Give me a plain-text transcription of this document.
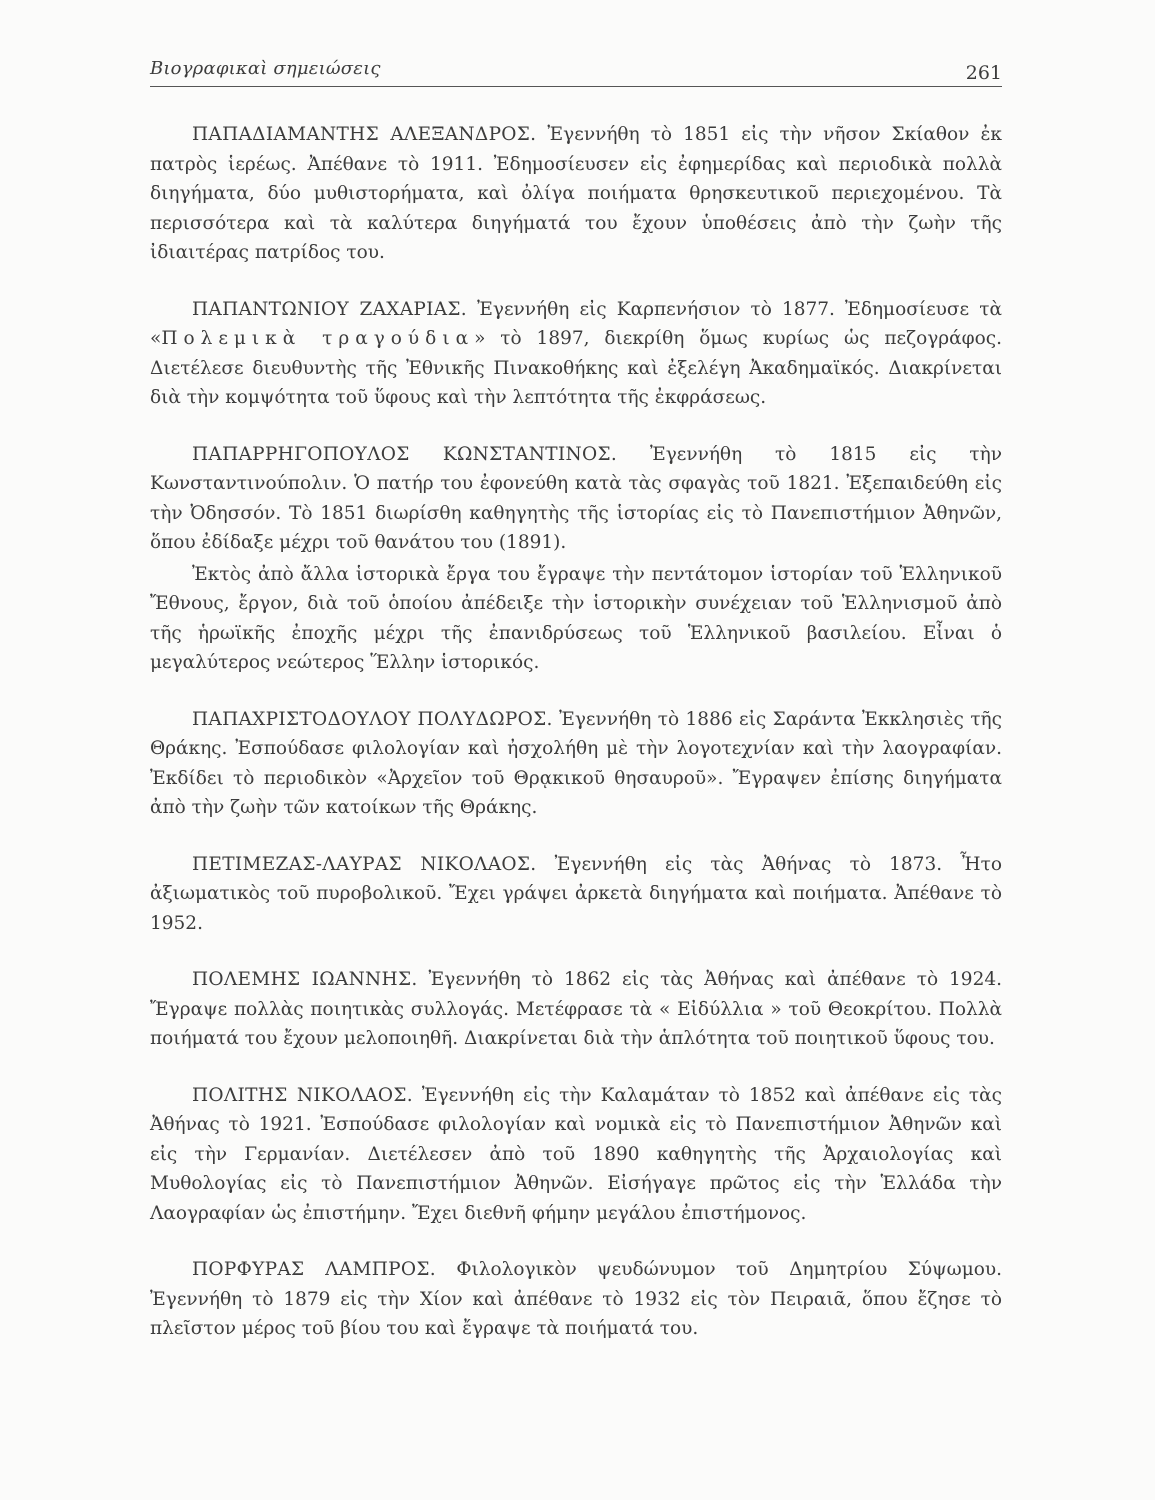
Βιογραφικαὶ σημειώσεις	261

ΠΑΠΑΔΙΑΜΑΝΤΗΣ ΑΛΕΞΑΝΔΡΟΣ. Ἐγεννήθη τὸ 1851 εἰς τὴν νῆσον Σκίαθον ἐκ πατρὸς ἱερέως. Ἀπέθανε τὸ 1911. Ἐδημοσίευσεν εἰς ἐφημερίδας καὶ περιοδικὰ πολλὰ διηγήματα, δύο μυθιστορήματα, καὶ ὀλίγα ποιήματα θρησκευτικοῦ περιεχομένου. Τὰ περισσότερα καὶ τὰ καλύτερα διηγήματά του ἔχουν ὑποθέσεις ἀπὸ τὴν ζωὴν τῆς ἰδιαιτέρας πατρίδος του.

ΠΑΠΑΝΤΩΝΙΟΥ ΖΑΧΑΡΙΑΣ. Ἐγεννήθη εἰς Καρπενήσιον τὸ 1877. Ἐδημοσίευσε τὰ «Πολεμικὰ τραγούδια» τὸ 1897, διεκρίθη ὅμως κυρίως ὡς πεζογράφος. Διετέλεσε διευθυντὴς τῆς Ἐθνικῆς Πινακοθήκης καὶ ἐξελέγη Ἀκαδημαϊκός. Διακρίνεται διὰ τὴν κομψότητα τοῦ ὕφους καὶ τὴν λεπτότητα τῆς ἐκφράσεως.

ΠΑΠΑΡΡΗΓΟΠΟΥΛΟΣ ΚΩΝΣΤΑΝΤΙΝΟΣ. Ἐγεννήθη τὸ 1815 εἰς τὴν Κωνσταντινούπολιν. Ὁ πατήρ του ἐφονεύθη κατὰ τὰς σφαγὰς τοῦ 1821. Ἐξεπαιδεύθη εἰς τὴν Ὀδησσόν. Τὸ 1851 διωρίσθη καθηγητὴς τῆς ἱστορίας εἰς τὸ Πανεπιστήμιον Ἀθηνῶν, ὅπου ἐδίδαξε μέχρι τοῦ θανάτου του (1891).

Ἐκτὸς ἀπὸ ἄλλα ἱστορικὰ ἔργα του ἔγραψε τὴν πεντάτομον ἱστορίαν τοῦ Ἑλληνικοῦ Ἔθνους, ἔργον, διὰ τοῦ ὁποίου ἀπέδειξε τὴν ἱστορικὴν συνέχειαν τοῦ Ἑλληνισμοῦ ἀπὸ τῆς ἡρωϊκῆς ἐποχῆς μέχρι τῆς ἐπανιδρύσεως τοῦ Ἑλληνικοῦ βασιλείου. Εἶναι ὁ μεγαλύτερος νεώτερος Ἕλλην ἱστορικός.

ΠΑΠΑΧΡΙΣΤΟΔΟΥΛΟΥ ΠΟΛΥΔΩΡΟΣ. Ἐγεννήθη τὸ 1886 εἰς Σαράντα Ἐκκλησιὲς τῆς Θράκης. Ἐσπούδασε φιλολογίαν καὶ ἠσχολήθη μὲ τὴν λογοτεχνίαν καὶ τὴν λαογραφίαν. Ἐκδίδει τὸ περιοδικὸν «Ἀρχεῖον τοῦ Θρᾳκικοῦ θησαυροῦ». Ἔγραψεν ἐπίσης διηγήματα ἀπὸ τὴν ζωὴν τῶν κατοίκων τῆς Θράκης.

ΠΕΤΙΜΕΖΑΣ-ΛΑΥΡΑΣ ΝΙΚΟΛΑΟΣ. Ἐγεννήθη εἰς τὰς Ἀθήνας τὸ 1873. Ἦτο ἀξιωματικὸς τοῦ πυροβολικοῦ. Ἔχει γράψει ἀρκετὰ διηγήματα καὶ ποιήματα. Ἀπέθανε τὸ 1952.

ΠΟΛΕΜΗΣ ΙΩΑΝΝΗΣ. Ἐγεννήθη τὸ 1862 εἰς τὰς Ἀθήνας καὶ ἀπέθανε τὸ 1924. Ἔγραψε πολλὰς ποιητικὰς συλλογάς. Μετέφρασε τὰ « Εἰδύλλια » τοῦ Θεοκρίτου. Πολλὰ ποιήματά του ἔχουν μελοποιηθῆ. Διακρίνεται διὰ τὴν ἁπλότητα τοῦ ποιητικοῦ ὕφους του.

ΠΟΛΙΤΗΣ ΝΙΚΟΛΑΟΣ. Ἐγεννήθη εἰς τὴν Καλαμάταν τὸ 1852 καὶ ἀπέθανε εἰς τὰς Ἀθήνας τὸ 1921. Ἐσπούδασε φιλολογίαν καὶ νομικὰ εἰς τὸ Πανεπιστήμιον Ἀθηνῶν καὶ εἰς τὴν Γερμανίαν. Διετέλεσεν ἀπὸ τοῦ 1890 καθηγητὴς τῆς Ἀρχαιολογίας καὶ Μυθολογίας εἰς τὸ Πανεπιστήμιον Ἀθηνῶν. Εἰσήγαγε πρῶτος εἰς τὴν Ἑλλάδα τὴν Λαογραφίαν ὡς ἐπιστήμην. Ἔχει διεθνῆ φήμην μεγάλου ἐπιστήμονος.

ΠΟΡΦΥΡΑΣ ΛΑΜΠΡΟΣ. Φιλολογικὸν ψευδώνυμον τοῦ Δημητρίου Σύψωμου. Ἐγεννήθη τὸ 1879 εἰς τὴν Χίον καὶ ἀπέθανε τὸ 1932 εἰς τὸν Πειραιᾶ, ὅπου ἔζησε τὸ πλεῖστον μέρος τοῦ βίου του καὶ ἔγραψε τὰ ποιήματά του.
